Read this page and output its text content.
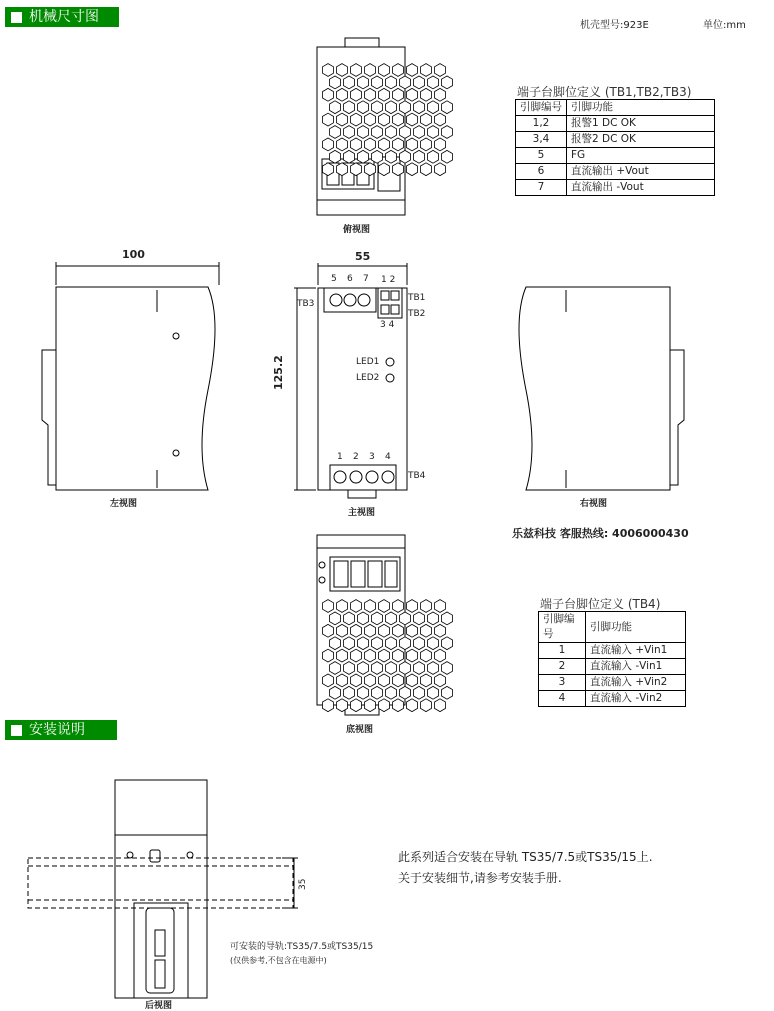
机械尺寸图
安装说明
机壳型号:923E	单位:mm
端子台脚位定义 (TB1,TB2,TB3)
引脚编号	引脚功能
1,2	报警1 DC OK
3,4	报警2 DC OK
5	FG
6	直流输出 +Vout
7	直流输出 -Vout
乐兹科技 客服热线: 4006000430
端子台脚位定义 (TB4)
引脚编号	引脚功能
1	直流输入 +Vin1
2	直流输入 -Vin1
3	直流输入 +Vin2
4	直流输入 -Vin2
俯视图
左视图
主视图
右视图
底视图
后视图
100	55
125.2
35
5 6 7 1 2
3 4
TB1
TB2
TB3
TB4
LED1
LED2
1 2 3 4
此系列适合安装在导轨 TS35/7.5或TS35/15上.
关于安装细节,请参考安装手册.
可安装的导轨:TS35/7.5或TS35/15
(仅供参考,不包含在电源中)
